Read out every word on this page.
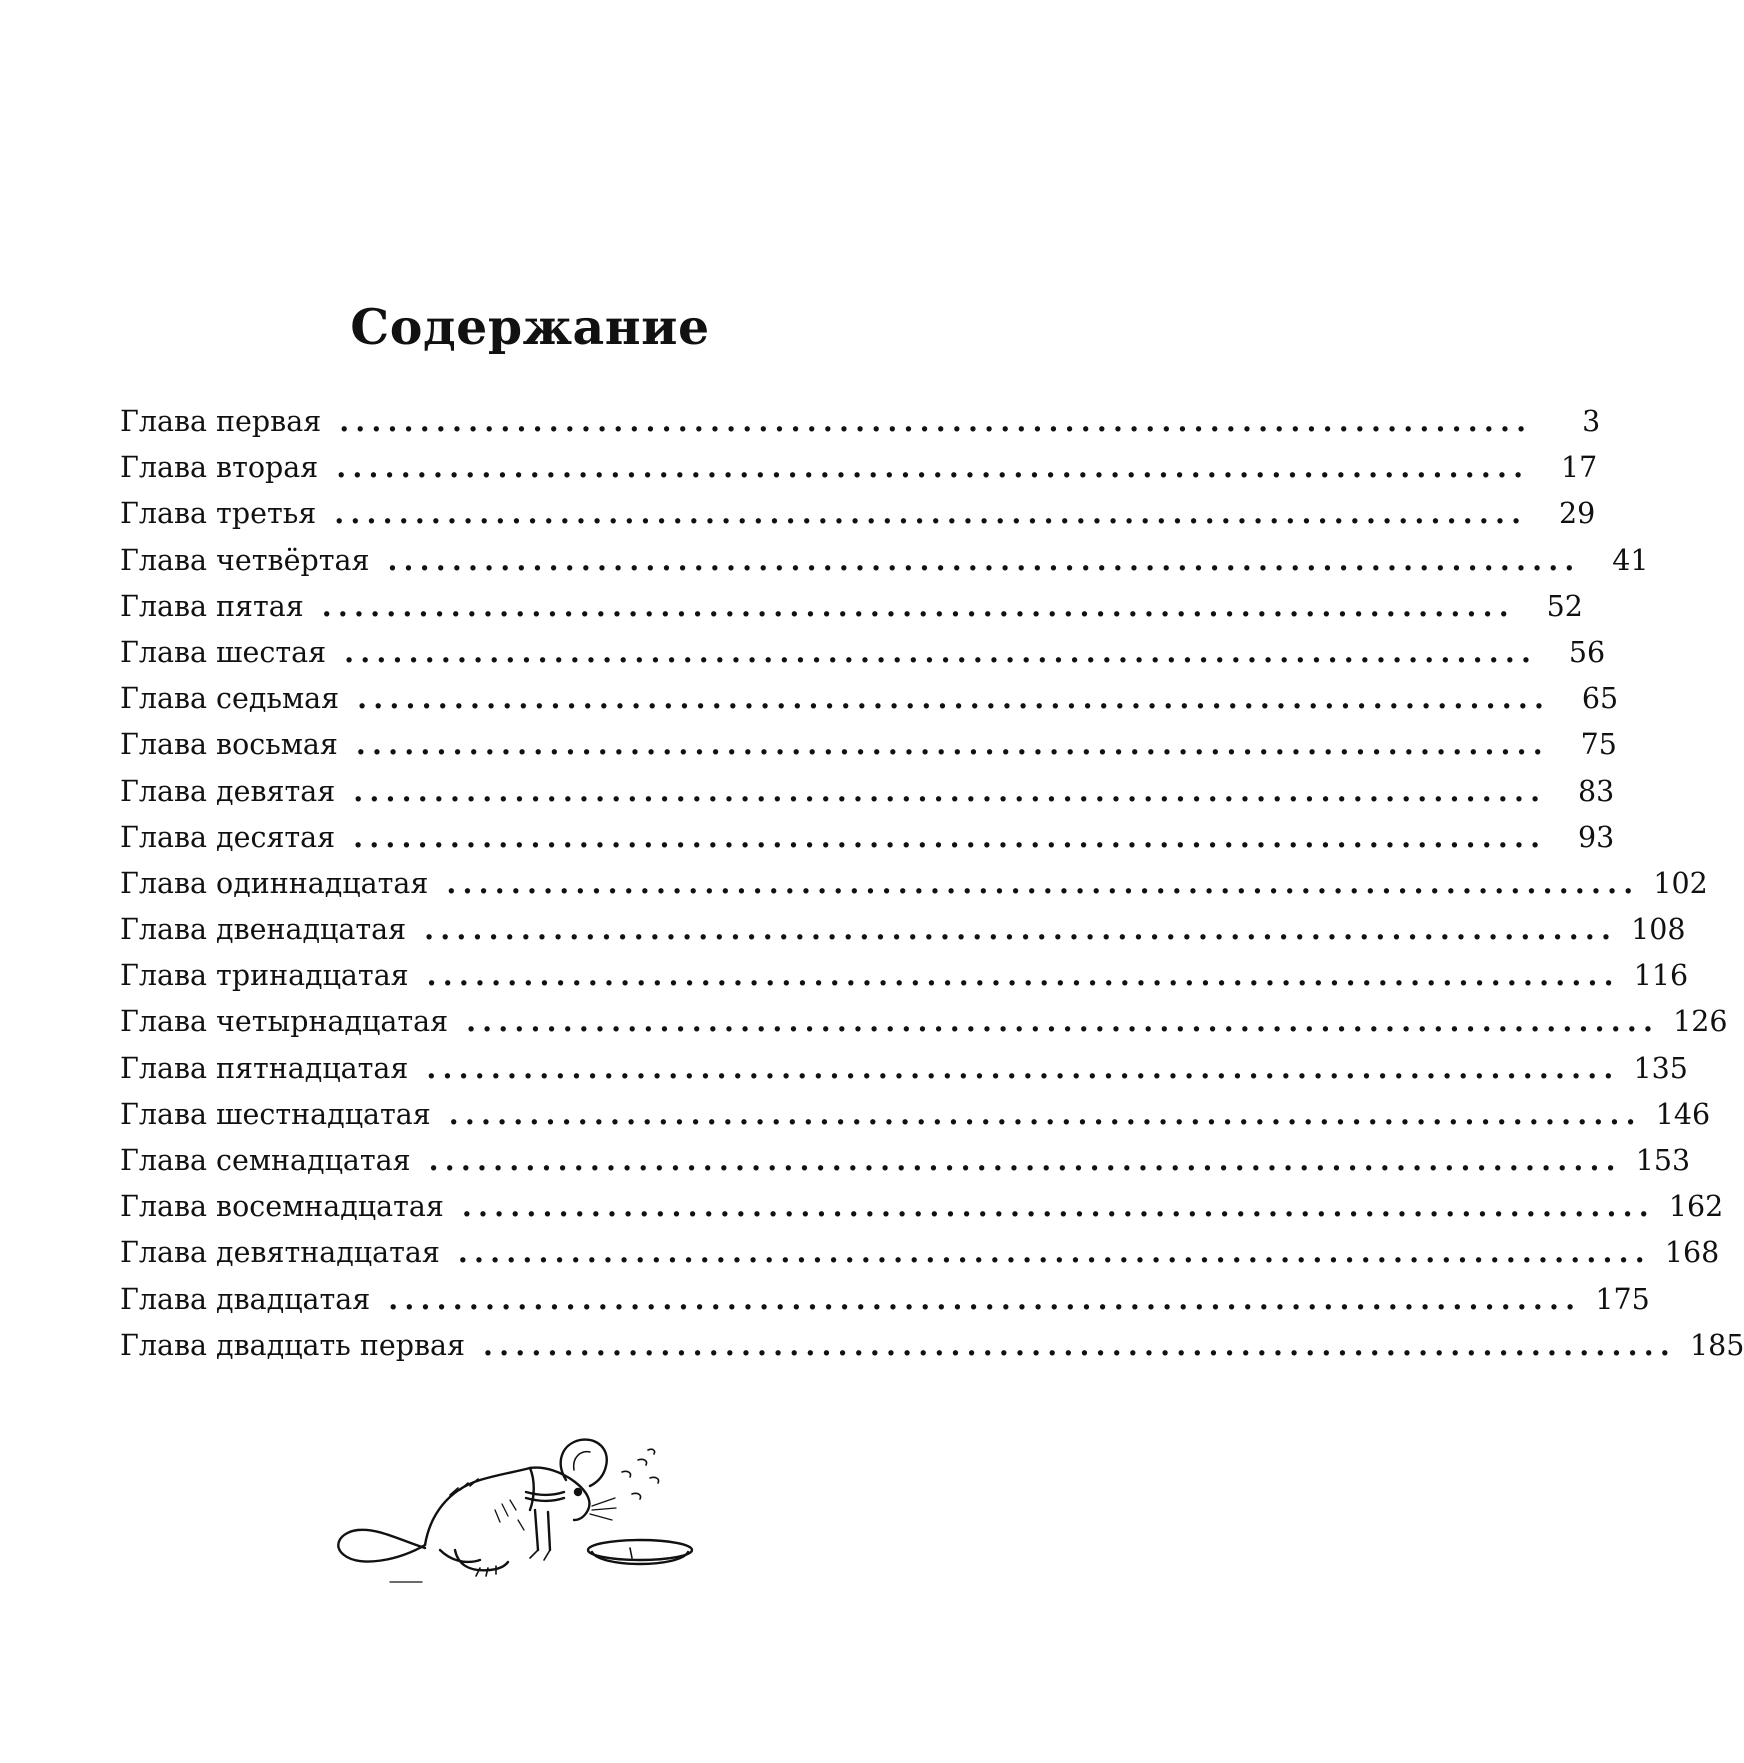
Содержание
Глава первая ..........................................................................	3
Глава вторая ..........................................................................	17
Глава третья ..........................................................................	29
Глава четвёртая ..........................................................................	41
Глава пятая ..........................................................................	52
Глава шестая ..........................................................................	56
Глава седьмая ..........................................................................	65
Глава восьмая ..........................................................................	75
Глава девятая ..........................................................................	83
Глава десятая ..........................................................................	93
Глава одиннадцатая .......................................................................... 102
Глава двенадцатая .......................................................................... 108
Глава тринадцатая .......................................................................... 116
Глава четырнадцатая .......................................................................... 126
Глава пятнадцатая .......................................................................... 135
Глава шестнадцатая .......................................................................... 146
Глава семнадцатая .......................................................................... 153
Глава восемнадцатая .......................................................................... 162
Глава девятнадцатая .......................................................................... 168
Глава двадцатая .......................................................................... 175
Глава двадцать первая .......................................................................... 185
